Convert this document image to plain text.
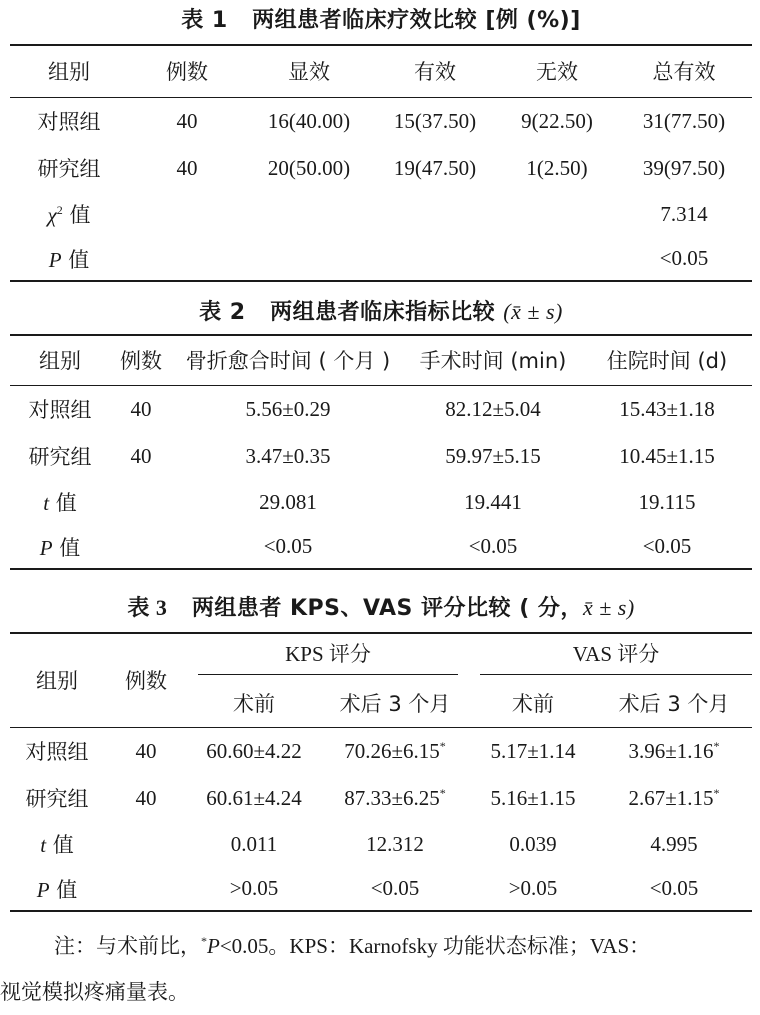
表 1 两组患者临床疗效比较 [例 (%)]
组别	例数	显效	有效	无效	总有效
对照组	40	16(40.00)	15(37.50)	9(22.50)	31(77.50)
研究组	40	20(50.00)	19(47.50)	1(2.50)	39(97.50)
$\chi^2$ 值					7.314
P 值					<0.05
表 2 两组患者临床指标比较 (x̄ ± s)
组别	例数	骨折愈合时间 ( 个月 )	手术时间 (min)	住院时间 (d)
对照组	40	5.56±0.29	82.12±5.04	15.43±1.18
研究组	40	3.47±0.35	59.97±5.15	10.45±1.15
t 值		29.081	19.441	19.115
P 值		<0.05	<0.05	<0.05
表 3 两组患者 KPS、VAS 评分比较 ( 分，x̄ ± s)
组别	例数	KPS 评分		VAS 评分	

		术前	术后 3 个月	术前	术后 3 个月
对照组	40	60.60±4.22	70.26±6.15*	5.17±1.14	3.96±1.16*
研究组	40	60.61±4.24	87.33±6.25*	5.16±1.15	2.67±1.15*
t 值		0.011	12.312	0.039	4.995
P 值		>0.05	<0.05	>0.05	<0.05
注：与术前比，*P<0.05。KPS：Karnofsky 功能状态标准；VAS：
视觉模拟疼痛量表。
